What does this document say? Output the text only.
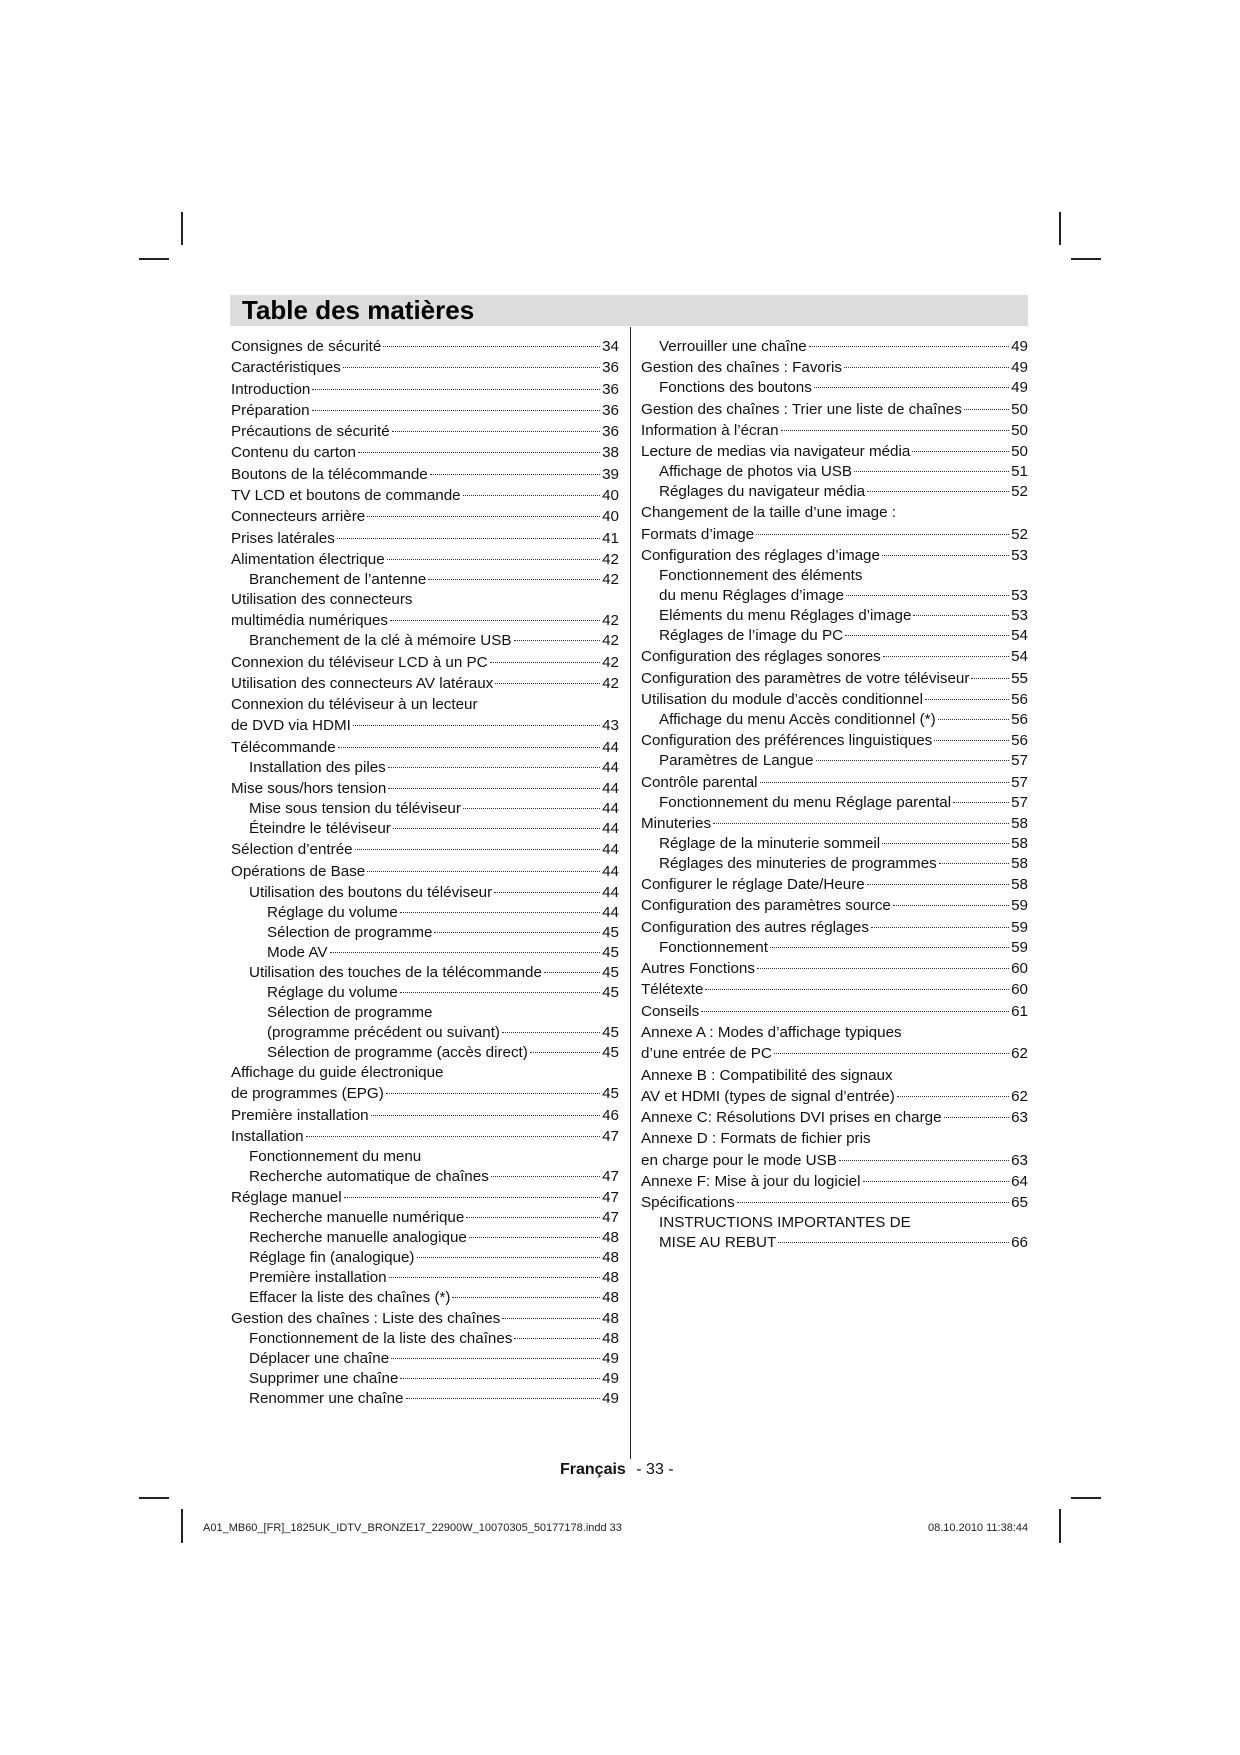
Table des matières
Consignes de sécurité	34
Caractéristiques	36
Introduction	36
Préparation	36
Précautions de sécurité	36
Contenu du carton	38
Boutons de la télécommande	39
TV LCD et boutons de commande	40
Connecteurs arrière	40
Prises latérales	41
Alimentation électrique	42
Branchement de l’antenne	42
Utilisation des connecteurs
multimédia numériques	42
Branchement de la clé à mémoire USB	42
Connexion du téléviseur LCD à un PC	42
Utilisation des connecteurs AV latéraux	42
Connexion du téléviseur à un lecteur
de DVD via HDMI	43
Télécommande	44
Installation des piles	44
Mise sous/hors tension	44
Mise sous tension du téléviseur	44
Éteindre le téléviseur	44
Sélection d’entrée	44
Opérations de Base	44
Utilisation des boutons du téléviseur	44
Réglage du volume	44
Sélection de programme	45
Mode AV	45
Utilisation des touches de la télécommande	45
Réglage du volume	45
Sélection de programme
(programme précédent ou suivant)	45
Sélection de programme (accès direct)	45
Affichage du guide électronique
de programmes (EPG)	45
Première installation	46
Installation	47
Fonctionnement du menu
Recherche automatique de chaînes	47
Réglage manuel	47
Recherche manuelle numérique	47
Recherche manuelle analogique	48
Réglage fin (analogique)	48
Première installation	48
Effacer la liste des chaînes (*)	48
Gestion des chaînes : Liste des chaînes	48
Fonctionnement de la liste des chaînes	48
Déplacer une chaîne	49
Supprimer une chaîne	49
Renommer une chaîne	49
Verrouiller une chaîne	49
Gestion des chaînes : Favoris	49
Fonctions des boutons	49
Gestion des chaînes : Trier une liste de chaînes	50
Information à l’écran	50
Lecture de medias via navigateur média	50
Affichage de photos via USB	51
Réglages du navigateur média	52
Changement de la taille d’une image :
Formats d’image	52
Configuration des réglages d’image	53
Fonctionnement des éléments
du menu Réglages d’image	53
Eléments du menu Réglages d’image	53
Réglages de l’image du PC	54
Configuration des réglages sonores	54
Configuration des paramètres de votre téléviseur	55
Utilisation du module d’accès conditionnel	56
Affichage du menu Accès conditionnel (*)	56
Configuration des préférences linguistiques	56
Paramètres de Langue	57
Contrôle parental	57
Fonctionnement du menu Réglage parental	57
Minuteries	58
Réglage de la minuterie sommeil	58
Réglages des minuteries de programmes	58
Configurer le réglage Date/Heure	58
Configuration des paramètres source	59
Configuration des autres réglages	59
Fonctionnement	59
Autres Fonctions	60
Télétexte	60
Conseils	61
Annexe A : Modes d’affichage typiques
d’une entrée de PC	62
Annexe B : Compatibilité des signaux
AV et HDMI (types de signal d’entrée)	62
Annexe C: Résolutions DVI prises en charge	63
Annexe D : Formats de fichier pris
en charge pour le mode USB	63
Annexe F: Mise à jour du logiciel	64
Spécifications	65
INSTRUCTIONS IMPORTANTES DE
MISE AU REBUT	66
Français - 33 -
A01_MB60_[FR]_1825UK_IDTV_BRONZE17_22900W_10070305_50177178.indd 33	08.10.2010 11:38:44
